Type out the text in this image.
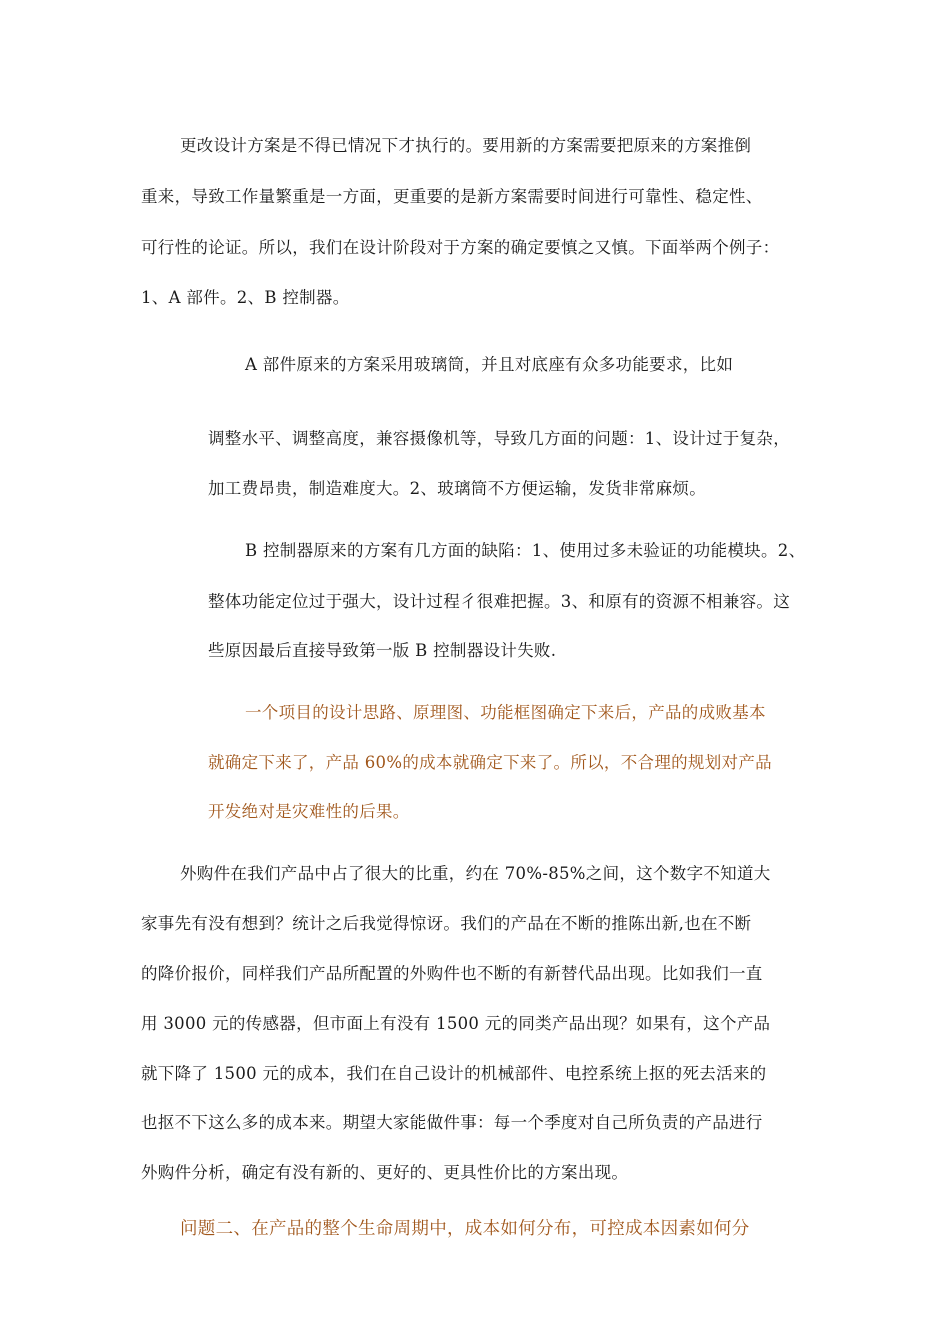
更改设计方案是不得已情况下才执行的。要用新的方案需要把原来的方案推倒
重来，导致工作量繁重是一方面，更重要的是新方案需要时间进行可靠性、稳定性、
可行性的论证。所以，我们在设计阶段对于方案的确定要慎之又慎。下面举两个例子：
1、A 部件。2、B 控制器。
A 部件原来的方案采用玻璃筒，并且对底座有众多功能要求，比如
调整水平、调整高度，兼容摄像机等，导致几方面的问题：1、设计过于复杂，
加工费昂贵，制造难度大。2、玻璃筒不方便运输，发货非常麻烦。
B 控制器原来的方案有几方面的缺陷：1、使用过多未验证的功能模块。2、
整体功能定位过于强大，设计过程彳很难把握。3、和原有的资源不相兼容。这
些原因最后直接导致第一版 B 控制器设计失败.
一个项目的设计思路、原理图、功能框图确定下来后，产品的成败基本
就确定下来了，产品 60%的成本就确定下来了。所以，不合理的规划对产品
开发绝对是灾难性的后果。
外购件在我们产品中占了很大的比重，约在 70%-85%之间，这个数字不知道大
家事先有没有想到？统计之后我觉得惊讶。我们的产品在不断的推陈出新,也在不断
的降价报价，同样我们产品所配置的外购件也不断的有新替代品出现。比如我们一直
用 3000 元的传感器，但市面上有没有 1500 元的同类产品出现？如果有，这个产品
就下降了 1500 元的成本，我们在自己设计的机械部件、电控系统上抠的死去活来的
也抠不下这么多的成本来。期望大家能做件事：每一个季度对自己所负责的产品进行
外购件分析，确定有没有新的、更好的、更具性价比的方案出现。
问题二、在产品的整个生命周期中，成本如何分布，可控成本因素如何分
